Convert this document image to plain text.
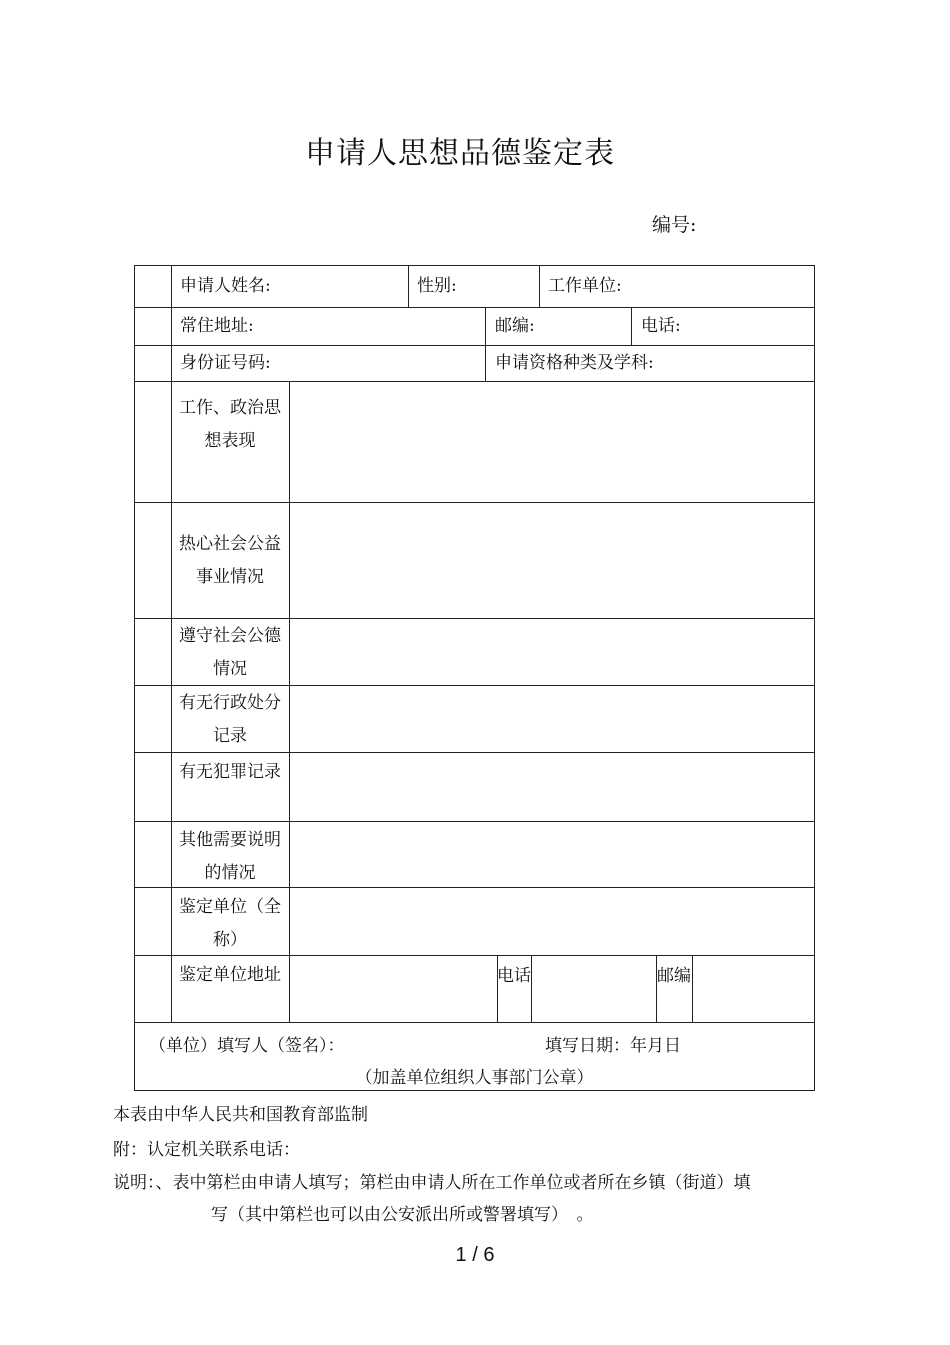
申请人思想品德鉴定表
编号:
申请人姓名:	性别:	工作单位:
常住地址:	邮编:	电话:
身份证号码:	申请资格种类及学科:
工作、政治思想表现
热心社会公益事业情况
遵守社会公德情况
有无行政处分记录
有无犯罪记录
其他需要说明的情况
鉴定单位（全称）
鉴定单位地址	电话	邮编
（单位）填写人（签名）：	填写日期：年月日
（加盖单位组织人事部门公章）
本表由中华人民共和国教育部监制
附：认定机关联系电话：
说明：、表中第栏由申请人填写；第栏由申请人所在工作单位或者所在乡镇（街道）填
写（其中第栏也可以由公安派出所或警署填写）　。
1 / 6
